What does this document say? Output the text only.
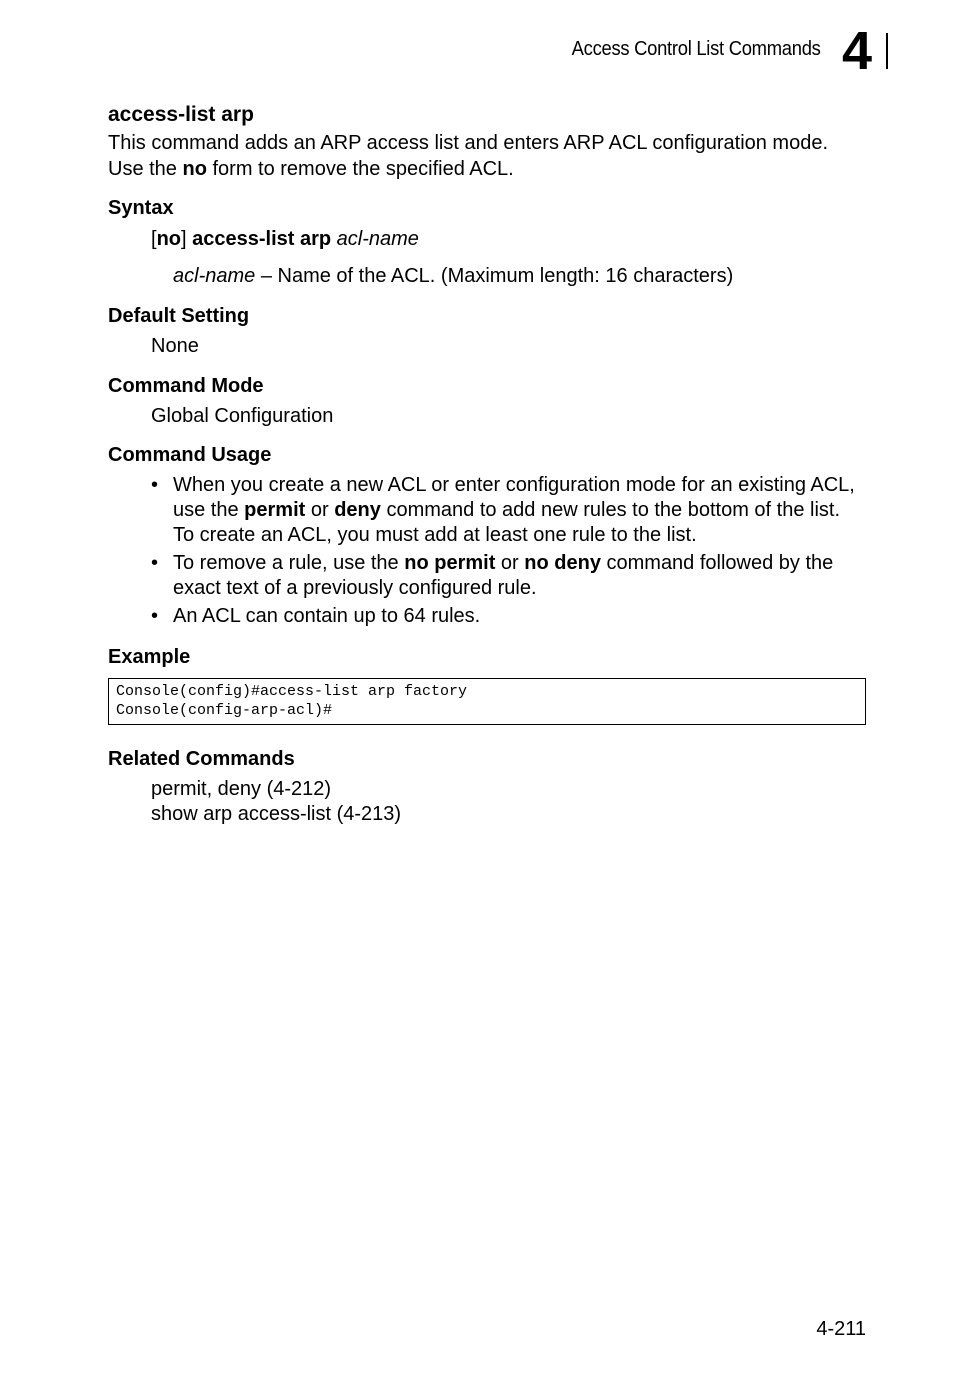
Access Control List Commands 4
access-list arp
This command adds an ARP access list and enters ARP ACL configuration mode.
Use the no form to remove the specified ACL.
Syntax
[no] access-list arp acl-name
acl-name – Name of the ACL. (Maximum length: 16 characters)
Default Setting
None
Command Mode
Global Configuration
Command Usage
• When you create a new ACL or enter configuration mode for an existing ACL,
use the permit or deny command to add new rules to the bottom of the list.
To create an ACL, you must add at least one rule to the list.
• To remove a rule, use the no permit or no deny command followed by the
exact text of a previously configured rule.
• An ACL can contain up to 64 rules.
Example
Console(config)#access-list arp factory
Console(config-arp-acl)#
Related Commands
permit, deny (4-212)
show arp access-list (4-213)
4-211
